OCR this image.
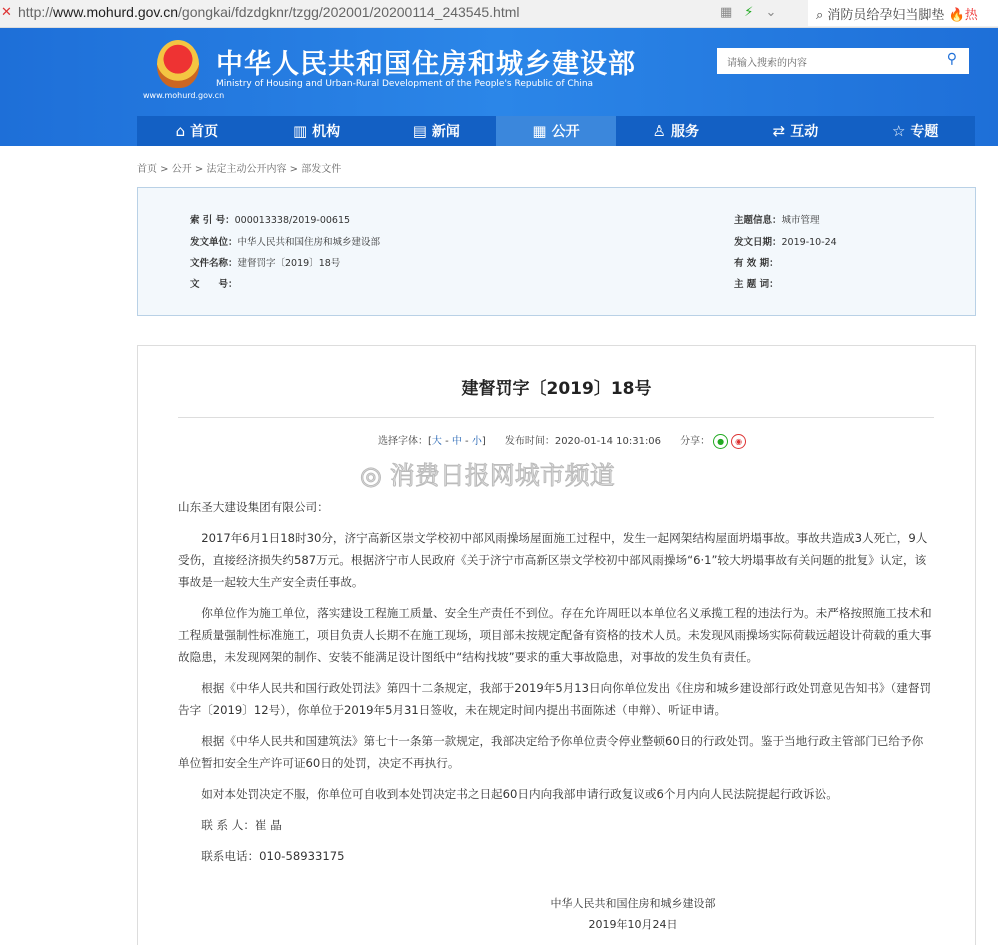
✕ http://www.mohurd.gov.cn/gongkai/fdzdgknr/tzgg/202001/20200114_243545.html	▦⚡⌄	⌕ 消防员给孕妇当脚垫 🔥热
www.mohurd.gov.cn
中华人民共和国住房和城乡建设部
Ministry of Housing and Urban-Rural Development of the People's Republic of China
请输入搜索的内容	⚲
⌂ 首页	▥ 机构	▤ 新闻	▦ 公开	♙ 服务	⇄ 互动	☆ 专题
首页 > 公开 > 法定主动公开内容 > 部发文件
索 引 号：000013338/2019-00615
发文单位：中华人民共和国住房和城乡建设部
文件名称：建督罚字〔2019〕18号
文　　号：
主题信息：城市管理
发文日期：2019-10-24
有 效 期：
主 题 词：
建督罚字〔2019〕18号
选择字体：[大 - 中 - 小] 发布时间：2020-01-14 10:31:06 分享： ● ◉
◎ 消费日报网城市频道

山东圣大建设集团有限公司：

2017年6月1日18时30分，济宁高新区崇文学校初中部风雨操场屋面施工过程中，发生一起网架结构屋面坍塌事故。事故共造成3人死亡，9人受伤，直接经济损失约587万元。根据济宁市人民政府《关于济宁市高新区崇文学校初中部风雨操场“6·1”较大坍塌事故有关问题的批复》认定，该事故是一起较大生产安全责任事故。

你单位作为施工单位，落实建设工程施工质量、安全生产责任不到位。存在允许周旺以本单位名义承揽工程的违法行为。未严格按照施工技术和工程质量强制性标准施工，项目负责人长期不在施工现场，项目部未按规定配备有资格的技术人员。未发现风雨操场实际荷载远超设计荷载的重大事故隐患，未发现网架的制作、安装不能满足设计图纸中“结构找坡”要求的重大事故隐患，对事故的发生负有责任。

根据《中华人民共和国行政处罚法》第四十二条规定，我部于2019年5月13日向你单位发出《住房和城乡建设部行政处罚意见告知书》（建督罚告字〔2019〕12号），你单位于2019年5月31日签收，未在规定时间内提出书面陈述（申辩）、听证申请。

根据《中华人民共和国建筑法》第七十一条第一款规定，我部决定给予你单位责令停业整顿60日的行政处罚。鉴于当地行政主管部门已给予你单位暂扣安全生产许可证60日的处罚，决定不再执行。

如对本处罚决定不服，你单位可自收到本处罚决定书之日起60日内向我部申请行政复议或6个月内向人民法院提起行政诉讼。

联 系 人：崔 晶

联系电话：010-58933175

中华人民共和国住房和城乡建设部
2019年10月24日
